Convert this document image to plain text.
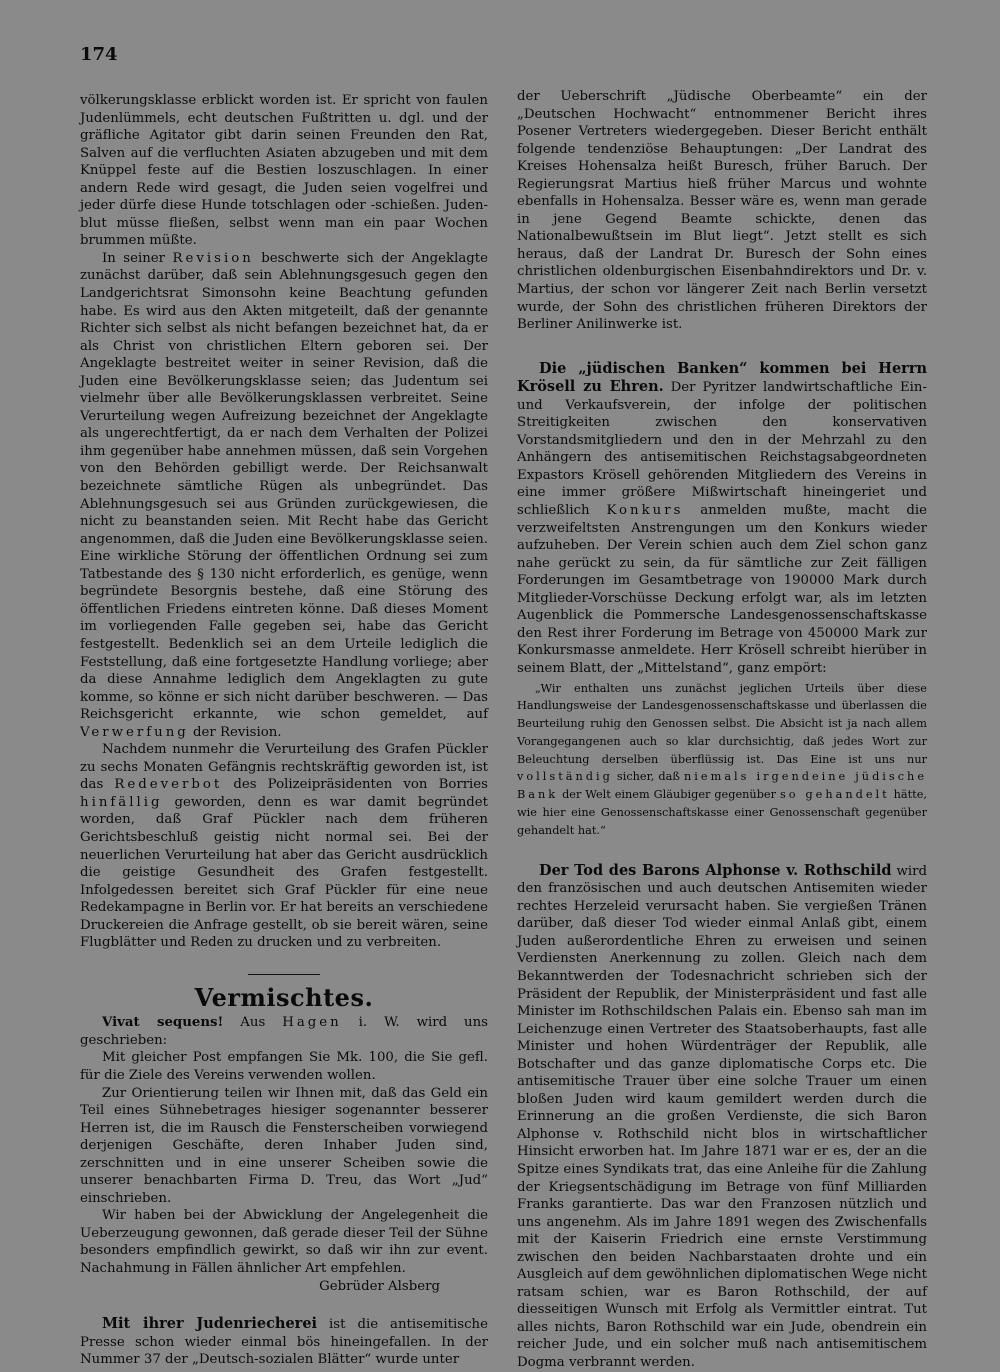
174

völkerungsklasse erblickt worden ist. Er spricht von faulen Judenlümmels, echt deutschen Fußtritten u. dgl. und der gräfliche Agitator gibt darin seinen Freunden den Rat, Salven auf die verfluchten Asiaten abzugeben und mit dem Knüppel feste auf die Bestien loszuschlagen. In einer andern Rede wird gesagt, die Juden seien vogelfrei und jeder dürfe diese Hunde totschlagen oder -schießen. Juden-blut müsse fließen, selbst wenn man ein paar Wochen brummen müßte.

In seiner Revision beschwerte sich der Angeklagte zunächst darüber, daß sein Ablehnungsgesuch gegen den Landgerichtsrat Simonsohn keine Beachtung gefunden habe. Es wird aus den Akten mitgeteilt, daß der genannte Richter sich selbst als nicht befangen bezeichnet hat, da er als Christ von christlichen Eltern geboren sei. Der Angeklagte bestreitet weiter in seiner Revision, daß die Juden eine Bevölkerungsklasse seien; das Judentum sei vielmehr über alle Bevölkerungsklassen verbreitet. Seine Verurteilung wegen Aufreizung bezeichnet der Angeklagte als ungerechtfertigt, da er nach dem Verhalten der Polizei ihm gegenüber habe annehmen müssen, daß sein Vorgehen von den Behörden gebilligt werde. Der Reichsanwalt bezeichnete sämtliche Rügen als unbegründet. Das Ablehnungsgesuch sei aus Gründen zurückgewiesen, die nicht zu beanstanden seien. Mit Recht habe das Gericht angenommen, daß die Juden eine Bevölkerungsklasse seien. Eine wirkliche Störung der öffentlichen Ordnung sei zum Tatbestande des § 130 nicht erforderlich, es genüge, wenn begründete Besorgnis bestehe, daß eine Störung des öffentlichen Friedens eintreten könne. Daß dieses Moment im vorliegenden Falle gegeben sei, habe das Gericht festgestellt. Bedenklich sei an dem Urteile lediglich die Feststellung, daß eine fortgesetzte Handlung vorliege; aber da diese Annahme lediglich dem Angeklagten zu gute komme, so könne er sich nicht darüber beschweren. — Das Reichsgericht erkannte, wie schon gemeldet, auf Verwerfung der Revision.

Nachdem nunmehr die Verurteilung des Grafen Pückler zu sechs Monaten Gefängnis rechtskräftig geworden ist, ist das Redeverbot des Polizeipräsidenten von Borries hinfällig geworden, denn es war damit begründet worden, daß Graf Pückler nach dem früheren Gerichtsbeschluß geistig nicht normal sei. Bei der neuerlichen Verurteilung hat aber das Gericht ausdrücklich die geistige Gesundheit des Grafen festgestellt. Infolgedessen bereitet sich Graf Pückler für eine neue Redekampagne in Berlin vor. Er hat bereits an verschiedene Druckereien die Anfrage gestellt, ob sie bereit wären, seine Flugblätter und Reden zu drucken und zu verbreiten.

Vermischtes.

Vivat sequens! Aus Hagen i. W. wird uns geschrieben:

Mit gleicher Post empfangen Sie Mk. 100, die Sie gefl. für die Ziele des Vereins verwenden wollen.

Zur Orientierung teilen wir Ihnen mit, daß das Geld ein Teil eines Sühnebetrages hiesiger sogenannter besserer Herren ist, die im Rausch die Fensterscheiben vorwiegend derjenigen Geschäfte, deren Inhaber Juden sind, zerschnitten und in eine unserer Scheiben sowie die unserer benachbarten Firma D. Treu, das Wort „Jud“ einschrieben.

Wir haben bei der Abwicklung der Angelegenheit die Ueberzeugung gewonnen, daß gerade dieser Teil der Sühne besonders empfindlich gewirkt, so daß wir ihn zur event. Nachahmung in Fällen ähnlicher Art empfehlen.

Gebrüder Alsberg

Mit ihrer Judenriecherei ist die antisemitische Presse schon wieder einmal bös hineingefallen. In der Nummer 37 der „Deutsch-sozialen Blätter“ wurde unter

der Ueberschrift „Jüdische Oberbeamte“ ein der „Deutschen Hochwacht“ entnommener Bericht ihres Posener Vertreters wiedergegeben. Dieser Bericht enthält folgende tendenziöse Behauptungen: „Der Landrat des Kreises Hohensalza heißt Buresch, früher Baruch. Der Regierungsrat Martius hieß früher Marcus und wohnte ebenfalls in Hohensalza. Besser wäre es, wenn man gerade in jene Gegend Beamte schickte, denen das Nationalbewußtsein im Blut liegt“. Jetzt stellt es sich heraus, daß der Landrat Dr. Buresch der Sohn eines christlichen oldenburgischen Eisenbahndirektors und Dr. v. Martius, der schon vor längerer Zeit nach Berlin versetzt wurde, der Sohn des christlichen früheren Direktors der Berliner Anilinwerke ist.

Die „jüdischen Banken“ kommen bei Herrn Krösell zu Ehren. Der Pyritzer landwirtschaftliche Ein- und Verkaufsverein, der infolge der politischen Streitigkeiten zwischen den konservativen Vorstandsmitgliedern und den in der Mehrzahl zu den Anhängern des antisemitischen Reichstagsabgeordneten Expastors Krösell gehörenden Mitgliedern des Vereins in eine immer größere Mißwirtschaft hineingeriet und schließlich Konkurs anmelden mußte, macht die verzweifeltsten Anstrengungen um den Konkurs wieder aufzuheben. Der Verein schien auch dem Ziel schon ganz nahe gerückt zu sein, da für sämtliche zur Zeit fälligen Forderungen im Gesamtbetrage von 190000 Mark durch Mitglieder-Vorschüsse Deckung erfolgt war, als im letzten Augenblick die Pommersche Landesgenossenschaftskasse den Rest ihrer Forderung im Betrage von 450000 Mark zur Konkursmasse anmeldete. Herr Krösell schreibt hierüber in seinem Blatt, der „Mittelstand“, ganz empört:

„Wir enthalten uns zunächst jeglichen Urteils über diese Handlungsweise der Landesgenossenschaftskasse und überlassen die Beurteilung ruhig den Genossen selbst. Die Absicht ist ja nach allem Vorangegangenen auch so klar durchsichtig, daß jedes Wort zur Beleuchtung derselben überflüssig ist. Das Eine ist uns nur vollständig sicher, daß niemals irgendeine jüdische Bank der Welt einem Gläubiger gegenüber so gehandelt hätte, wie hier eine Genossenschaftskasse einer Genossenschaft gegenüber gehandelt hat.“

Der Tod des Barons Alphonse v. Rothschild wird den französischen und auch deutschen Antisemiten wieder rechtes Herzeleid verursacht haben. Sie vergießen Tränen darüber, daß dieser Tod wieder einmal Anlaß gibt, einem Juden außerordentliche Ehren zu erweisen und seinen Verdiensten Anerkennung zu zollen. Gleich nach dem Bekanntwerden der Todesnachricht schrieben sich der Präsident der Republik, der Ministerpräsident und fast alle Minister im Rothschildschen Palais ein. Ebenso sah man im Leichenzuge einen Vertreter des Staatsoberhaupts, fast alle Minister und hohen Würdenträger der Republik, alle Botschafter und das ganze diplomatische Corps etc. Die antisemitische Trauer über eine solche Trauer um einen bloßen Juden wird kaum gemildert werden durch die Erinnerung an die großen Verdienste, die sich Baron Alphonse v. Rothschild nicht blos in wirtschaftlicher Hinsicht erworben hat. Im Jahre 1871 war er es, der an die Spitze eines Syndikats trat, das eine Anleihe für die Zahlung der Kriegsentschädigung im Betrage von fünf Milliarden Franks garantierte. Das war den Franzosen nützlich und uns angenehm. Als im Jahre 1891 wegen des Zwischenfalls mit der Kaiserin Friedrich eine ernste Verstimmung zwischen den beiden Nachbarstaaten drohte und ein Ausgleich auf dem gewöhnlichen diplomatischen Wege nicht ratsam schien, war es Baron Rothschild, der auf diesseitigen Wunsch mit Erfolg als Vermittler eintrat. Tut alles nichts, Baron Rothschild war ein Jude, obendrein ein reicher Jude, und ein solcher muß nach antisemitischem Dogma verbrannt werden.
